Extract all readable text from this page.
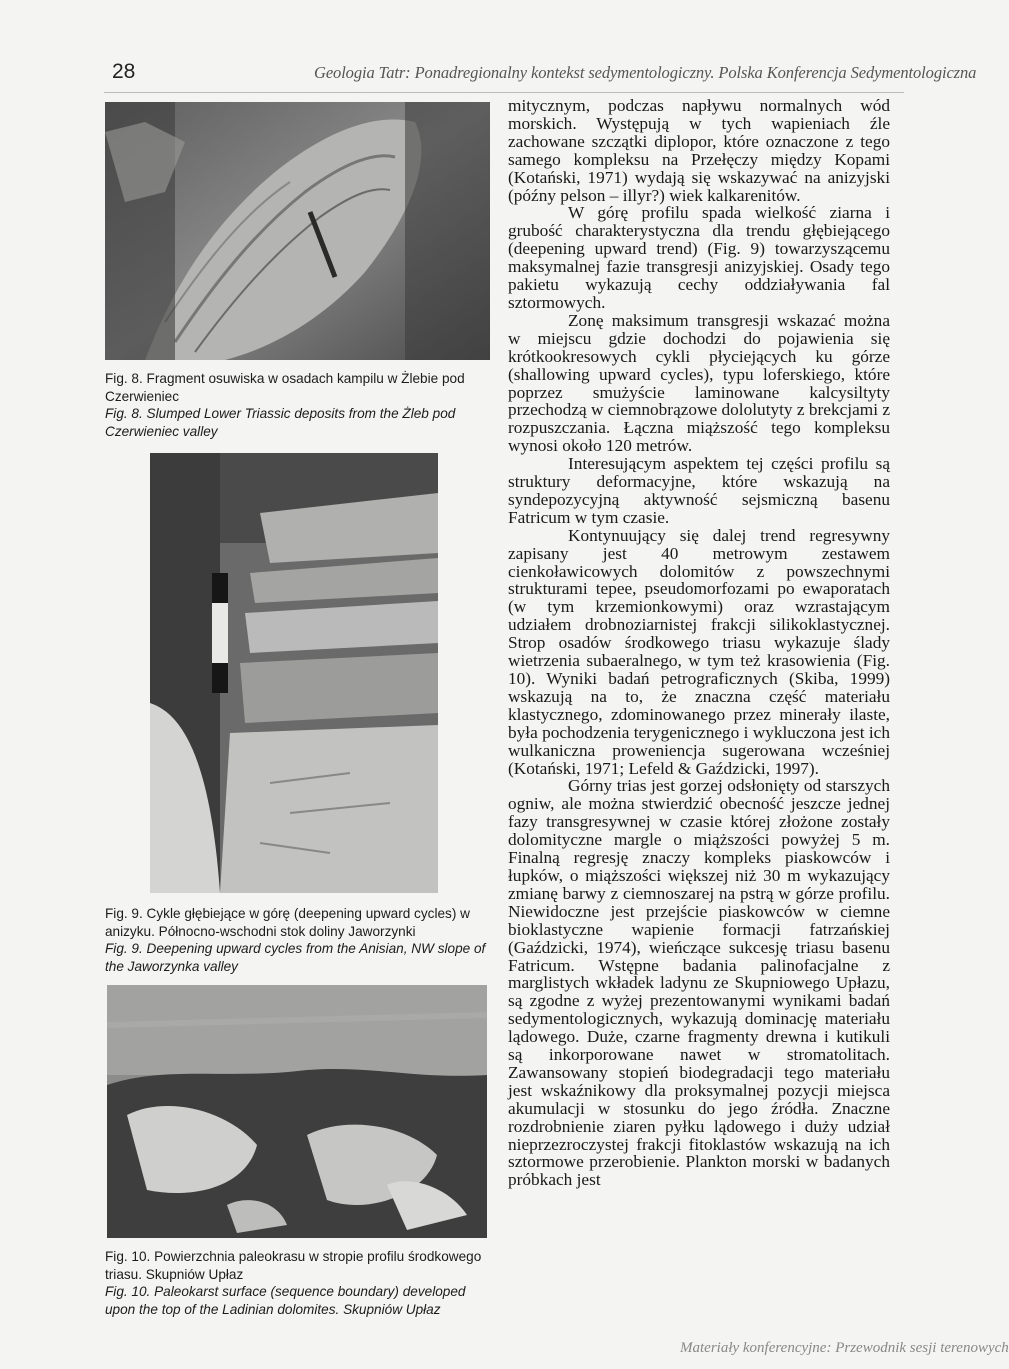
28	Geologia Tatr: Ponadregionalny kontekst sedymentologiczny. Polska Konferencja Sedymentologiczna

Fig. 8. Fragment osuwiska w osadach kampilu w Żlebie pod Czerwieniec

Fig. 8. Slumped Lower Triassic deposits from the Żleb pod Czerwieniec valley

Fig. 9. Cykle głębiejące w górę (deepening upward cycles) w anizyku. Północno-wschodni stok doliny Jaworzynki

Fig. 9. Deepening upward cycles from the Anisian, NW slope of the Jaworzynka valley

Fig. 10. Powierzchnia paleokrasu w stropie profilu środkowego triasu. Skupniów Upłaz

Fig. 10. Paleokarst surface (sequence boundary) developed upon the top of the Ladinian dolomites. Skupniów Upłaz

mitycznym, podczas napływu normalnych wód morskich. Występują w tych wapieniach źle zachowane szczątki diplopor, które oznaczone z tego samego kompleksu na Przełęczy między Kopami (Kotański, 1971) wydają się wskazywać na anizyjski (późny pelson – illyr?) wiek kalkarenitów.

W górę profilu spada wielkość ziarna i grubość charakterystyczna dla trendu głębiejącego (deepening upward trend) (Fig. 9) towarzyszącemu maksymalnej fazie transgresji anizyjskiej. Osady tego pakietu wykazują cechy oddziaływania fal sztormowych.

Zonę maksimum transgresji wskazać można w miejscu gdzie dochodzi do pojawienia się krótkookresowych cykli płyciejących ku górze (shallowing upward cycles), typu loferskiego, które poprzez smużyście laminowane kalcysiltyty przechodzą w ciemnobrązowe dololutyty z brekcjami z rozpuszczania. Łączna miąższość tego kompleksu wynosi około 120 metrów.

Interesującym aspektem tej części profilu są struktury deformacyjne, które wskazują na syndepozycyjną aktywność sejsmiczną basenu Fatricum w tym czasie.

Kontynuujący się dalej trend regresywny zapisany jest 40 metrowym zestawem cienkoławicowych dolomitów z powszechnymi strukturami tepee, pseudomorfozami po ewaporatach (w tym krzemionkowymi) oraz wzrastającym udziałem drobnoziarnistej frakcji silikoklastycznej. Strop osadów środkowego triasu wykazuje ślady wietrzenia subaeralnego, w tym też krasowienia (Fig. 10). Wyniki badań petrograficznych (Skiba, 1999) wskazują na to, że znaczna część materiału klastycznego, zdominowanego przez minerały ilaste, była pochodzenia terygenicznego i wykluczona jest ich wulkaniczna proweniencja sugerowana wcześniej (Kotański, 1971; Lefeld & Gaździcki, 1997).

Górny trias jest gorzej odsłonięty od starszych ogniw, ale można stwierdzić obecność jeszcze jednej fazy transgresywnej w czasie której złożone zostały dolomityczne margle o miąższości powyżej 5 m. Finalną regresję znaczy kompleks piaskowców i łupków, o miąższości większej niż 30 m wykazujący zmianę barwy z ciemnoszarej na pstrą w górze profilu. Niewidoczne jest przejście piaskowców w ciemne bioklastyczne wapienie formacji fatrzańskiej (Gaździcki, 1974), wieńczące sukcesję triasu basenu Fatricum. Wstępne badania palinofacjalne z marglistych wkładek ladynu ze Skupniowego Upłazu, są zgodne z wyżej prezentowanymi wynikami badań sedymentologicznych, wykazują dominację materiału lądowego. Duże, czarne fragmenty drewna i kutikuli są inkorporowane nawet w stromatolitach. Zawansowany stopień biodegradacji tego materiału jest wskaźnikowy dla proksymalnej pozycji miejsca akumulacji w stosunku do jego źródła. Znaczne rozdrobnienie ziaren pyłku lądowego i duży udział nieprzezroczystej frakcji fitoklastów wskazują na ich sztormowe przerobienie. Plankton morski w badanych próbkach jest

Materiały konferencyjne: Przewodnik sesji terenowych
